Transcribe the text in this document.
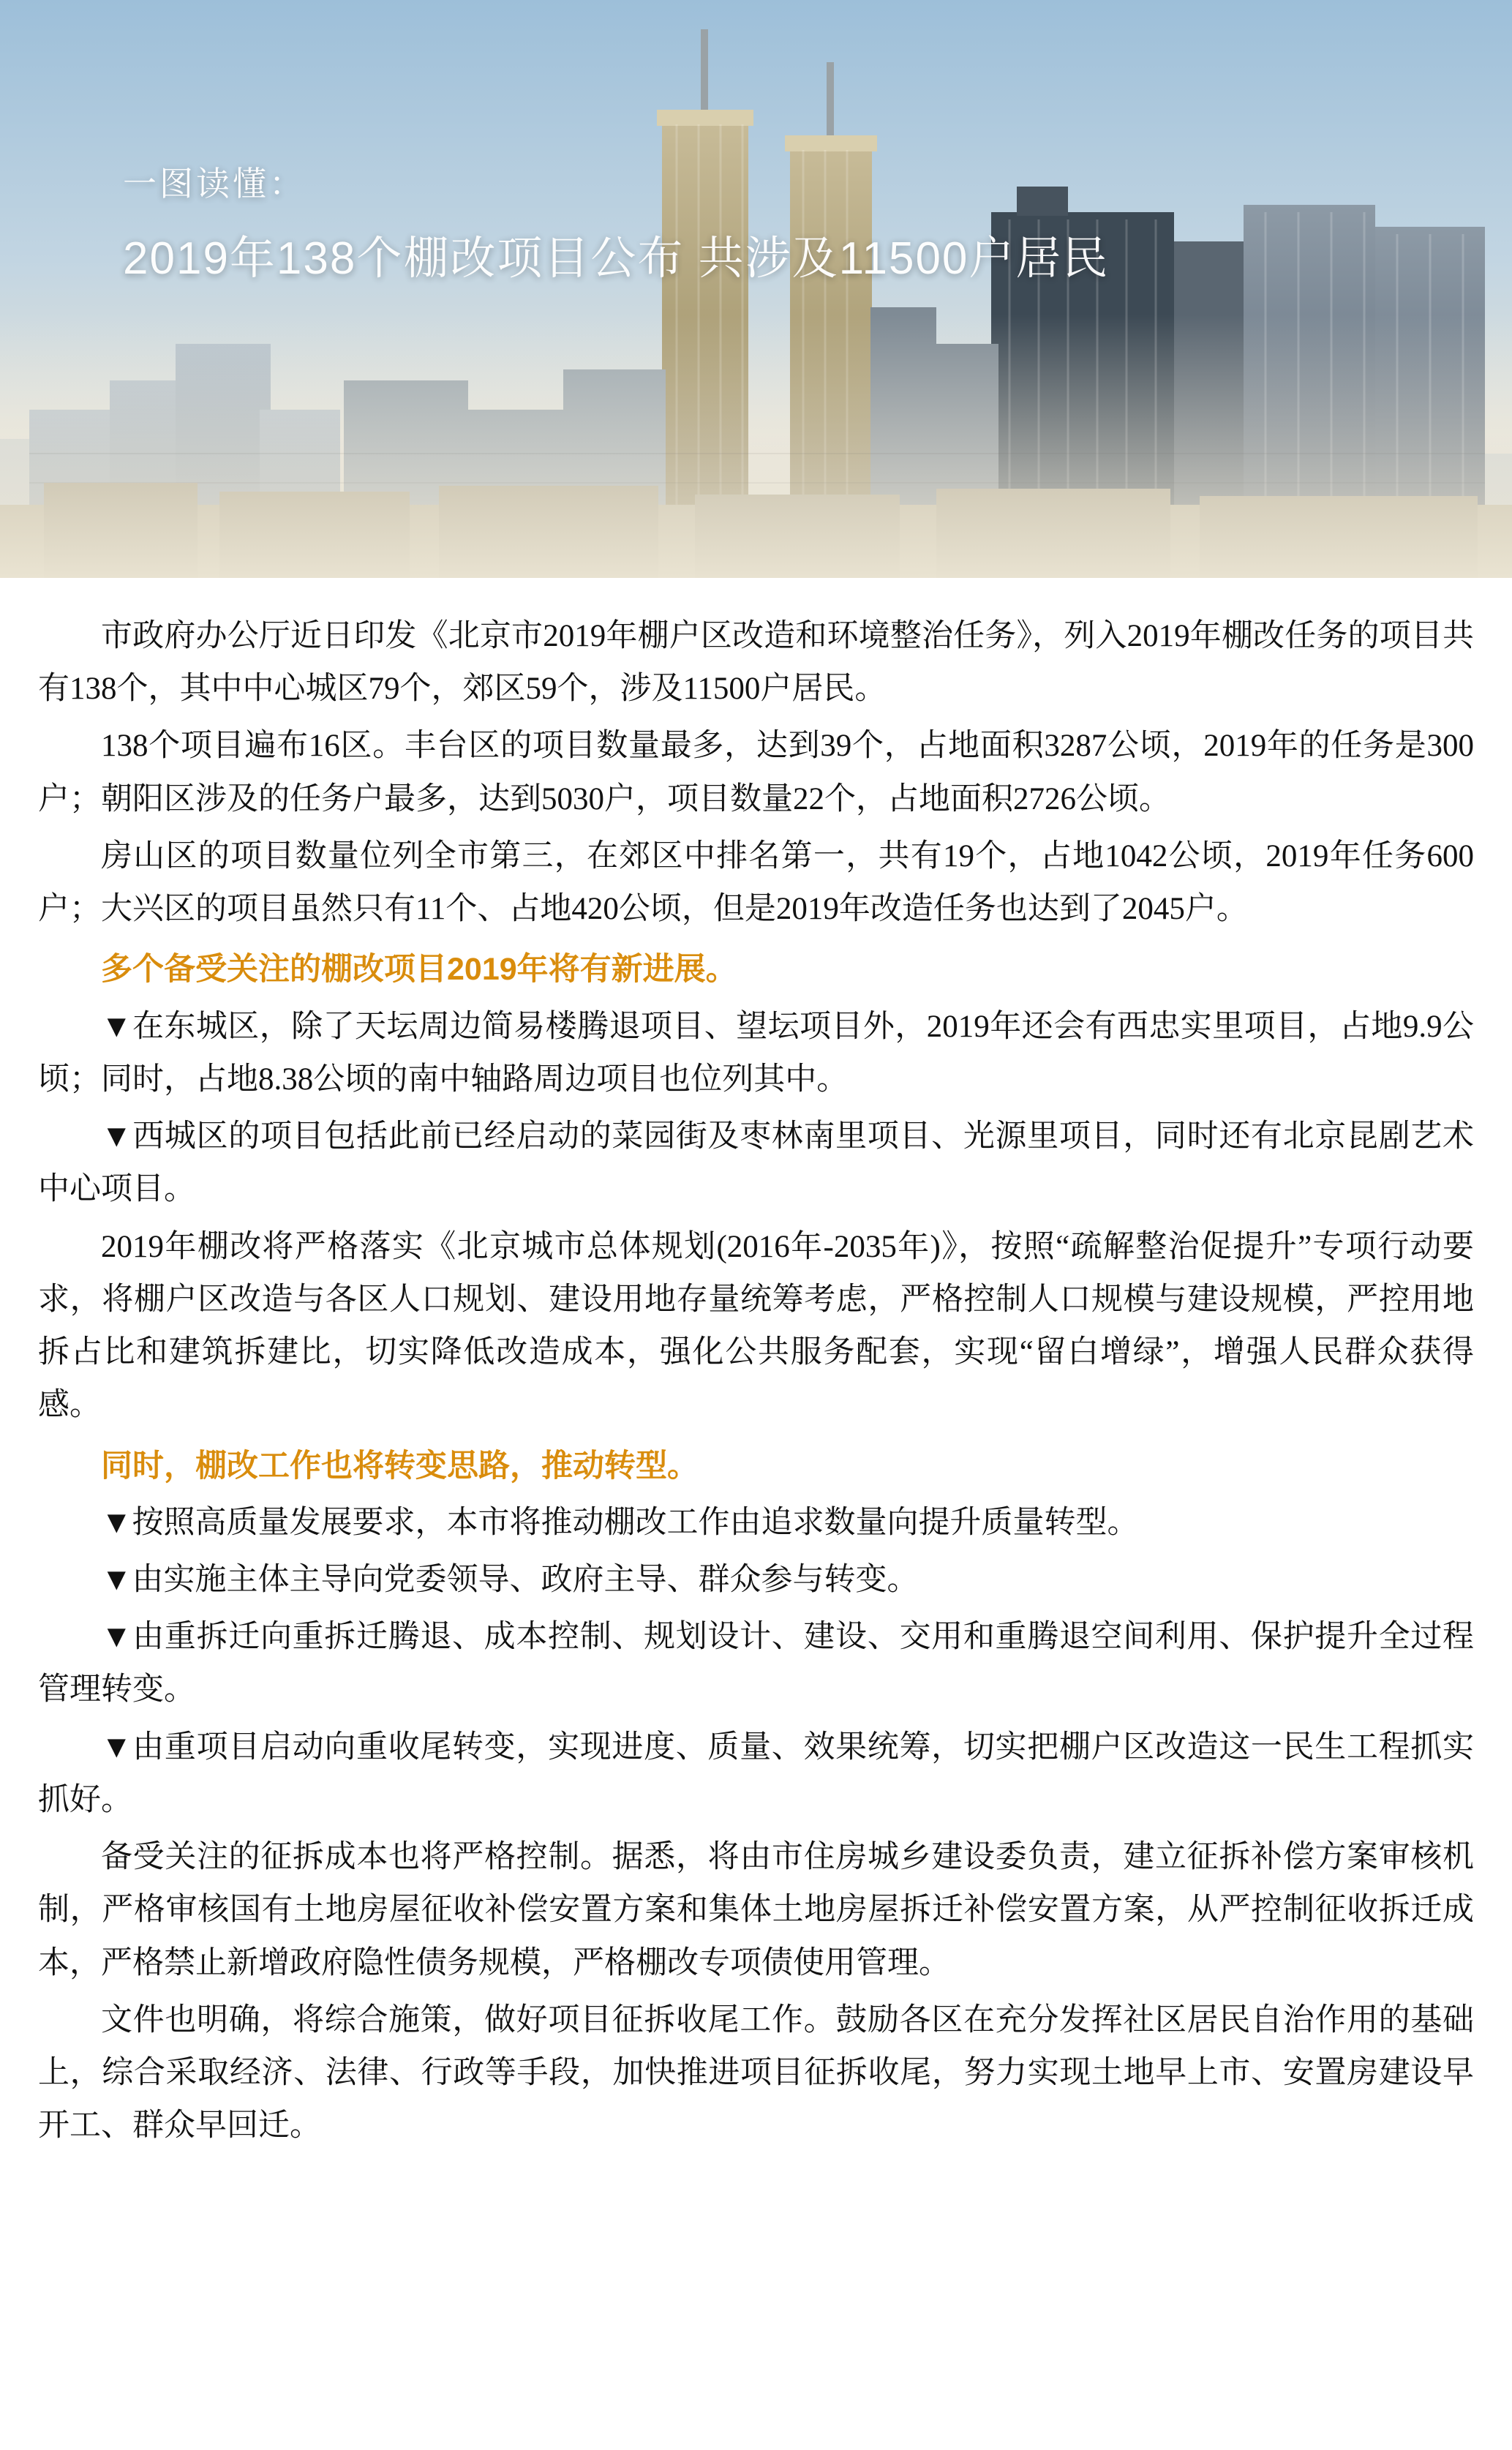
一图读懂：
2019年138个棚改项目公布 共涉及11500户居民

市政府办公厅近日印发《北京市2019年棚户区改造和环境整治任务》，列入2019年棚改任务的项目共有138个，其中中心城区79个，郊区59个，涉及11500户居民。

138个项目遍布16区。丰台区的项目数量最多，达到39个，占地面积3287公顷，2019年的任务是300户；朝阳区涉及的任务户最多，达到5030户，项目数量22个，占地面积2726公顷。

房山区的项目数量位列全市第三，在郊区中排名第一，共有19个，占地1042公顷，2019年任务600户；大兴区的项目虽然只有11个、占地420公顷，但是2019年改造任务也达到了2045户。

多个备受关注的棚改项目2019年将有新进展。

▼在东城区，除了天坛周边简易楼腾退项目、望坛项目外，2019年还会有西忠实里项目，占地9.9公顷；同时，占地8.38公顷的南中轴路周边项目也位列其中。

▼西城区的项目包括此前已经启动的菜园街及枣林南里项目、光源里项目，同时还有北京昆剧艺术中心项目。

2019年棚改将严格落实《北京城市总体规划(2016年-2035年)》，按照“疏解整治促提升”专项行动要求，将棚户区改造与各区人口规划、建设用地存量统筹考虑，严格控制人口规模与建设规模，严控用地拆占比和建筑拆建比，切实降低改造成本，强化公共服务配套，实现“留白增绿”，增强人民群众获得感。

同时，棚改工作也将转变思路，推动转型。

▼按照高质量发展要求，本市将推动棚改工作由追求数量向提升质量转型。

▼由实施主体主导向党委领导、政府主导、群众参与转变。

▼由重拆迁向重拆迁腾退、成本控制、规划设计、建设、交用和重腾退空间利用、保护提升全过程管理转变。

▼由重项目启动向重收尾转变，实现进度、质量、效果统筹，切实把棚户区改造这一民生工程抓实抓好。

备受关注的征拆成本也将严格控制。据悉，将由市住房城乡建设委负责，建立征拆补偿方案审核机制，严格审核国有土地房屋征收补偿安置方案和集体土地房屋拆迁补偿安置方案，从严控制征收拆迁成本，严格禁止新增政府隐性债务规模，严格棚改专项债使用管理。

文件也明确，将综合施策，做好项目征拆收尾工作。鼓励各区在充分发挥社区居民自治作用的基础上，综合采取经济、法律、行政等手段，加快推进项目征拆收尾，努力实现土地早上市、安置房建设早开工、群众早回迁。
